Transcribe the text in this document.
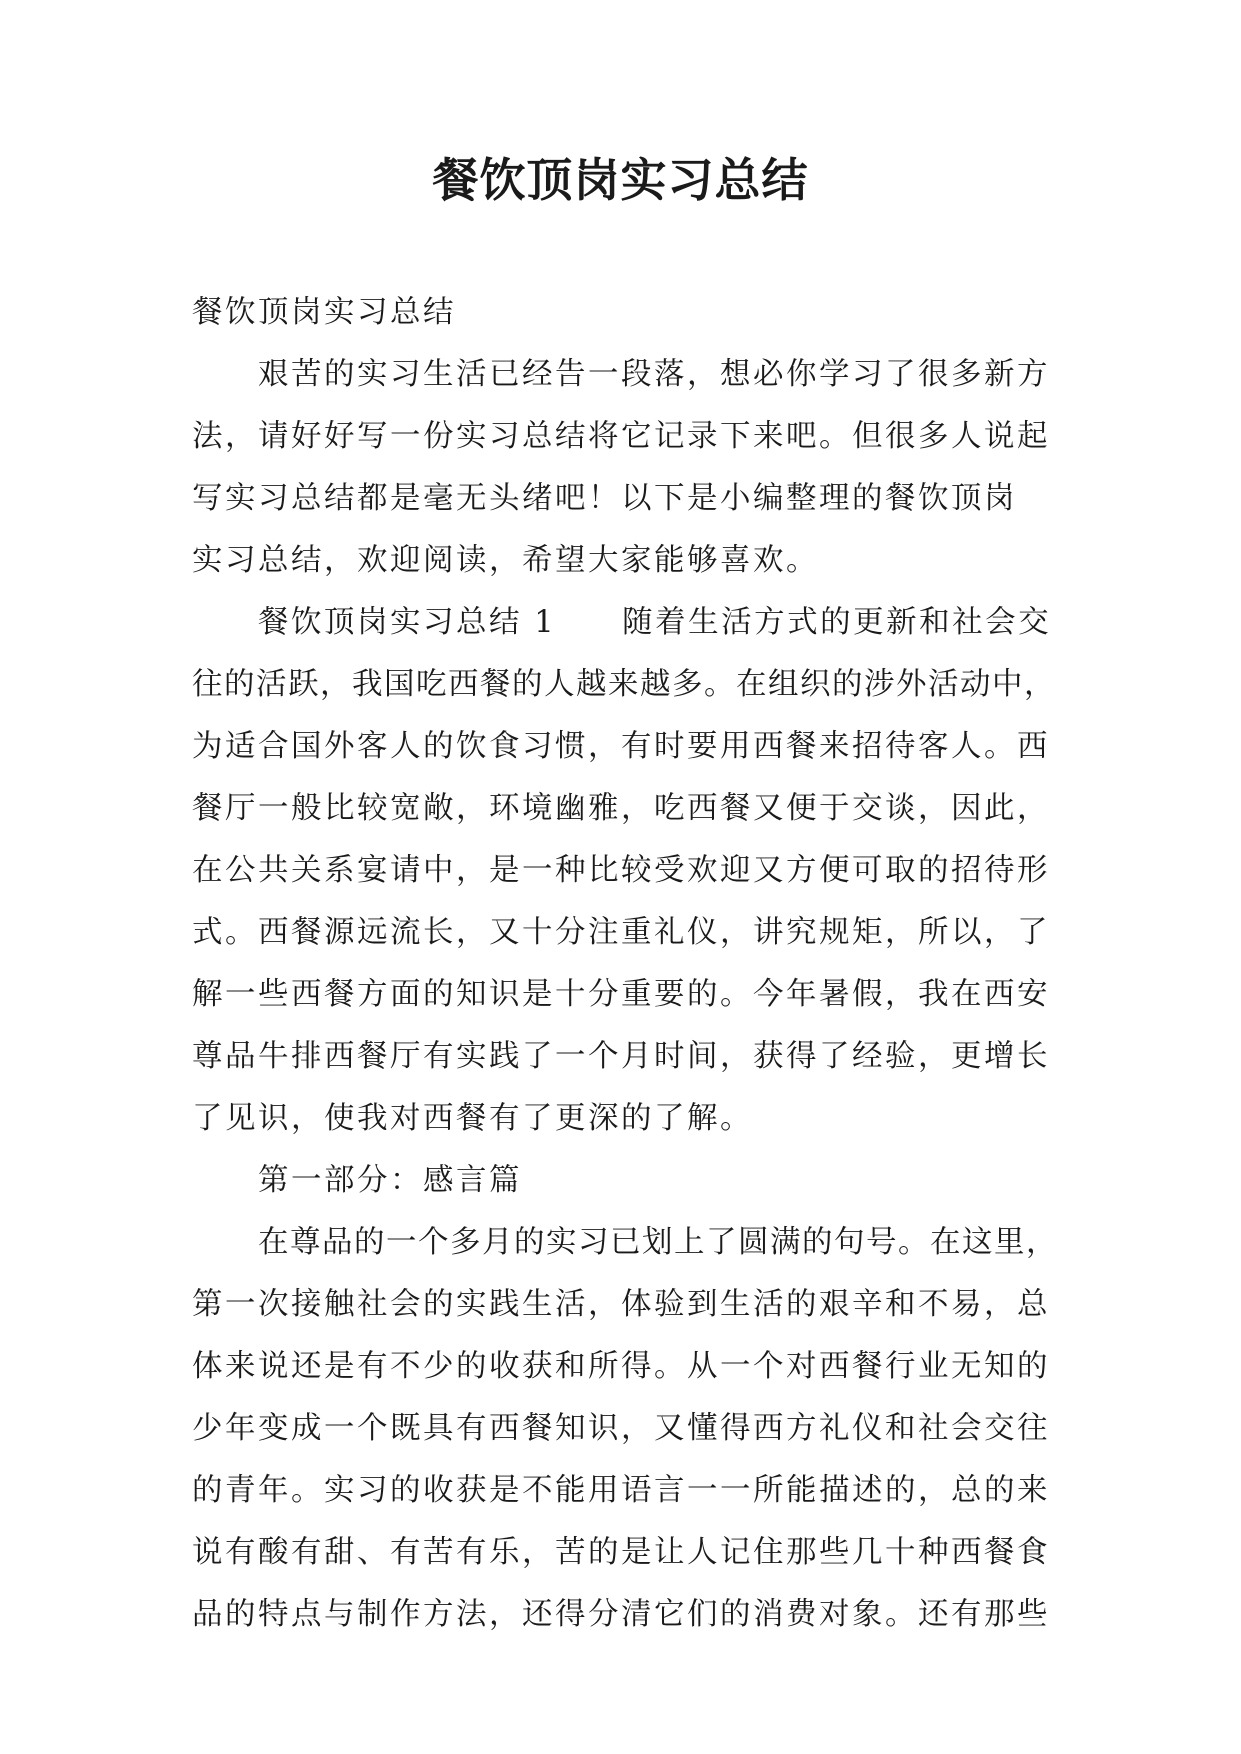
餐饮顶岗实习总结
餐饮顶岗实习总结
艰苦的实习生活已经告一段落，想必你学习了很多新方
法，请好好写一份实习总结将它记录下来吧。但很多人说起
写实习总结都是毫无头绪吧！以下是小编整理的餐饮顶岗
实习总结，欢迎阅读，希望大家能够喜欢。
餐饮顶岗实习总结 1　　随着生活方式的更新和社会交
往的活跃，我国吃西餐的人越来越多。在组织的涉外活动中，
为适合国外客人的饮食习惯，有时要用西餐来招待客人。西
餐厅一般比较宽敞，环境幽雅，吃西餐又便于交谈，因此，
在公共关系宴请中，是一种比较受欢迎又方便可取的招待形
式。西餐源远流长，又十分注重礼仪，讲究规矩，所以，了
解一些西餐方面的知识是十分重要的。今年暑假，我在西安
尊品牛排西餐厅有实践了一个月时间，获得了经验，更增长
了见识，使我对西餐有了更深的了解。
第一部分：感言篇
在尊品的一个多月的实习已划上了圆满的句号。在这里，
第一次接触社会的实践生活，体验到生活的艰辛和不易，总
体来说还是有不少的收获和所得。从一个对西餐行业无知的
少年变成一个既具有西餐知识，又懂得西方礼仪和社会交往
的青年。实习的收获是不能用语言一一所能描述的，总的来
说有酸有甜、有苦有乐，苦的是让人记住那些几十种西餐食
品的特点与制作方法，还得分清它们的消费对象。还有那些
